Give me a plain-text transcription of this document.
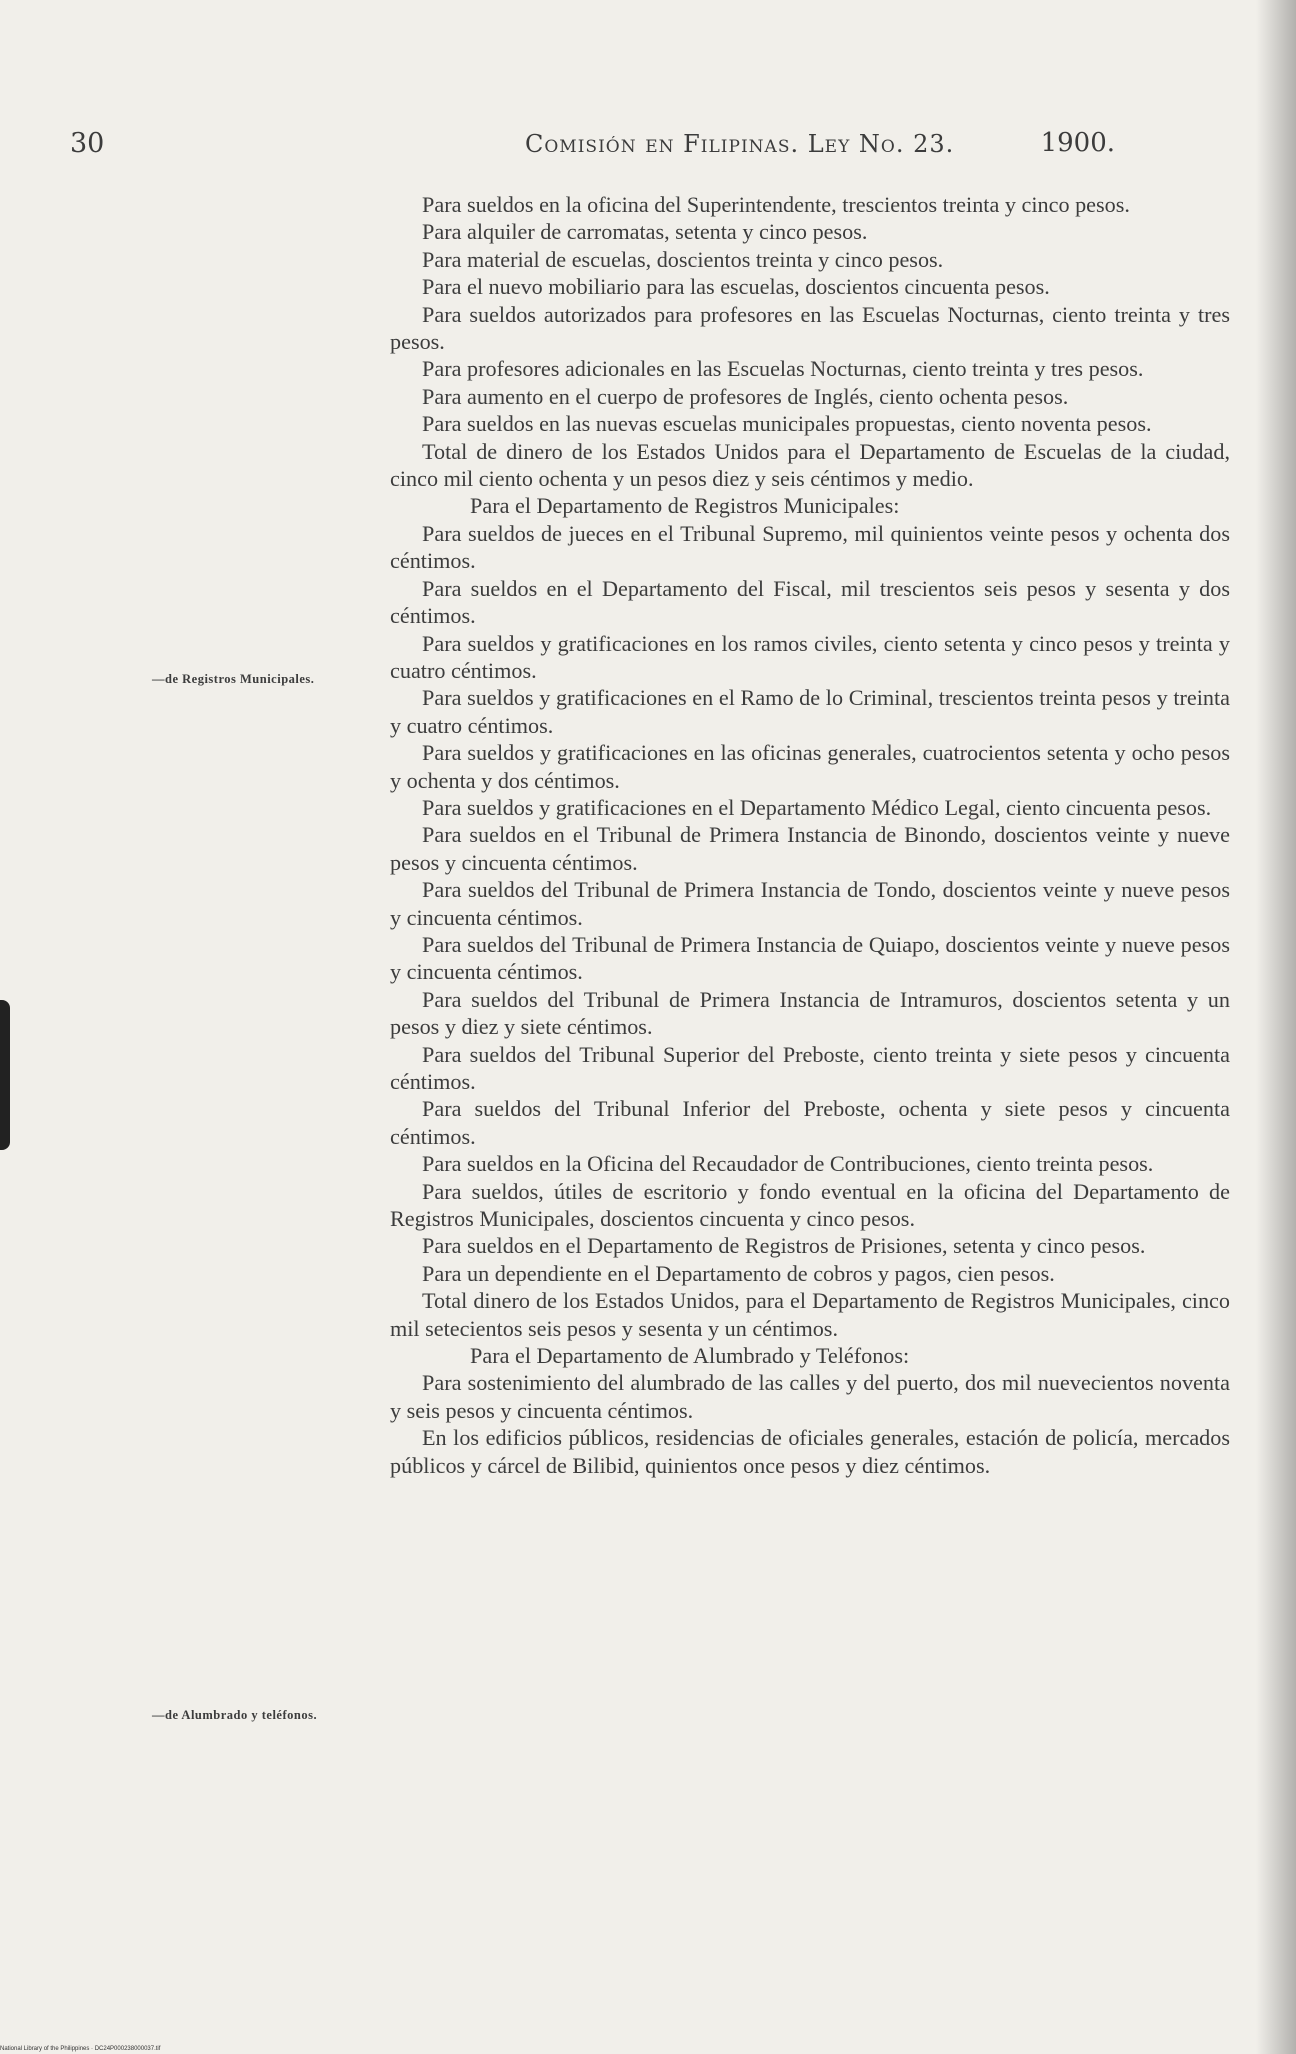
30	Comisión en Filipinas. Ley No. 23.	1900.
—de Registros Municipales.
—de Alumbrado y teléfonos.

Para sueldos en la oficina del Superintendente, trescientos treinta y cinco pesos.

Para alquiler de carromatas, setenta y cinco pesos.

Para material de escuelas, doscientos treinta y cinco pesos.

Para el nuevo mobiliario para las escuelas, doscientos cincuenta pesos.

Para sueldos autorizados para profesores en las Escuelas Nocturnas, ciento treinta y tres pesos.

Para profesores adicionales en las Escuelas Nocturnas, ciento treinta y tres pesos.

Para aumento en el cuerpo de profesores de Inglés, ciento ochenta pesos.

Para sueldos en las nuevas escuelas municipales propuestas, ciento noventa pesos.

Total de dinero de los Estados Unidos para el Departamento de Escuelas de la ciudad, cinco mil ciento ochenta y un pesos diez y seis céntimos y medio.

Para el Departamento de Registros Municipales:

Para sueldos de jueces en el Tribunal Supremo, mil quinientos veinte pesos y ochenta dos céntimos.

Para sueldos en el Departamento del Fiscal, mil trescientos seis pesos y sesenta y dos céntimos.

Para sueldos y gratificaciones en los ramos civiles, ciento setenta y cinco pesos y treinta y cuatro céntimos.

Para sueldos y gratificaciones en el Ramo de lo Criminal, trescientos treinta pesos y treinta y cuatro céntimos.

Para sueldos y gratificaciones en las oficinas generales, cuatrocientos setenta y ocho pesos y ochenta y dos céntimos.

Para sueldos y gratificaciones en el Departamento Médico Legal, ciento cincuenta pesos.

Para sueldos en el Tribunal de Primera Instancia de Binondo, doscientos veinte y nueve pesos y cincuenta céntimos.

Para sueldos del Tribunal de Primera Instancia de Tondo, doscientos veinte y nueve pesos y cincuenta céntimos.

Para sueldos del Tribunal de Primera Instancia de Quiapo, doscientos veinte y nueve pesos y cincuenta céntimos.

Para sueldos del Tribunal de Primera Instancia de Intramuros, doscientos setenta y un pesos y diez y siete céntimos.

Para sueldos del Tribunal Superior del Preboste, ciento treinta y siete pesos y cincuenta céntimos.

Para sueldos del Tribunal Inferior del Preboste, ochenta y siete pesos y cincuenta céntimos.

Para sueldos en la Oficina del Recaudador de Contribuciones, ciento treinta pesos.

Para sueldos, útiles de escritorio y fondo eventual en la oficina del Departamento de Registros Municipales, doscientos cincuenta y cinco pesos.

Para sueldos en el Departamento de Registros de Prisiones, setenta y cinco pesos.

Para un dependiente en el Departamento de cobros y pagos, cien pesos.

Total dinero de los Estados Unidos, para el Departamento de Registros Municipales, cinco mil setecientos seis pesos y sesenta y un céntimos.

Para el Departamento de Alumbrado y Teléfonos:

Para sostenimiento del alumbrado de las calles y del puerto, dos mil nuevecientos noventa y seis pesos y cincuenta céntimos.

En los edificios públicos, residencias de oficiales generales, estación de policía, mercados públicos y cárcel de Bilibid, quinientos once pesos y diez céntimos.

National Library of the Philippines · DC24P000238000037.tif
